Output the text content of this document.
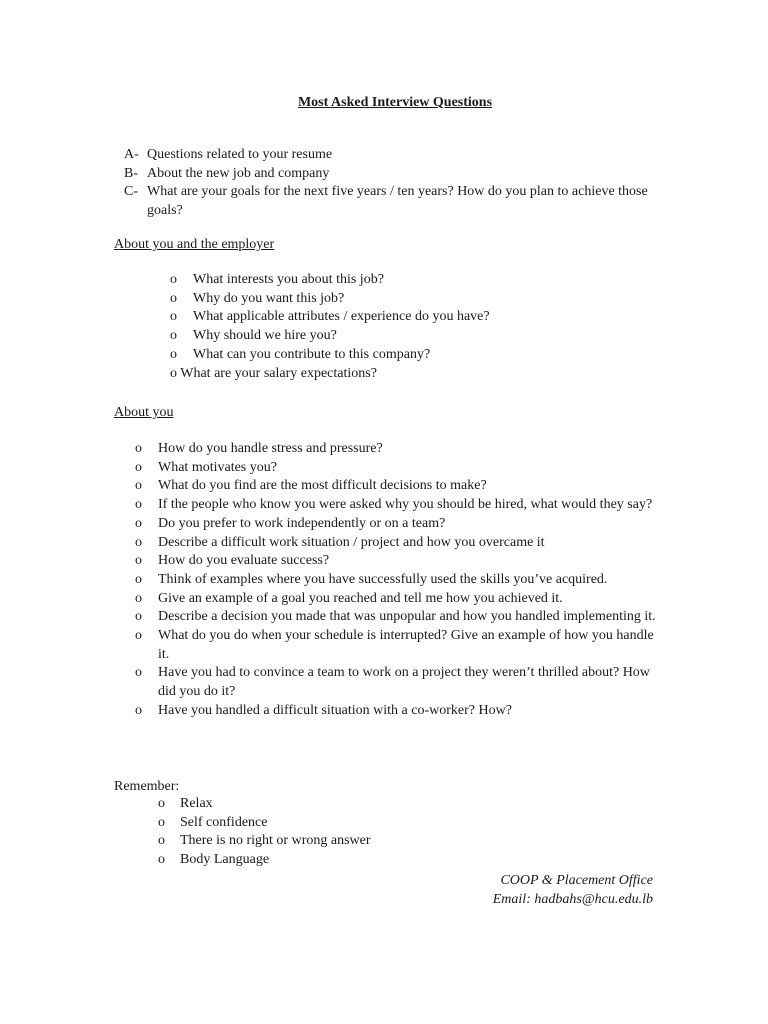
Most Asked Interview Questions
A- Questions related to your resume
B- About the new job and company
C- What are your goals for the next five years / ten years? How do you plan to achieve those goals?
About you and the employer
o What interests you about this job?
o Why do you want this job?
o What applicable attributes / experience do you have?
o Why should we hire you?
o What can you contribute to this company?
o What are your salary expectations?
About you
o How do you handle stress and pressure?
o What motivates you?
o What do you find are the most difficult decisions to make?
o If the people who know you were asked why you should be hired, what would they say?
o Do you prefer to work independently or on a team?
o Describe a difficult work situation / project and how you overcame it
o How do you evaluate success?
o Think of examples where you have successfully used the skills you’ve acquired.
o Give an example of a goal you reached and tell me how you achieved it.
o Describe a decision you made that was unpopular and how you handled implementing it.
o What do you do when your schedule is interrupted? Give an example of how you handle it.
o Have you had to convince a team to work on a project they weren’t thrilled about? How did you do it?
o Have you handled a difficult situation with a co-worker? How?
Remember:
o Relax
o Self confidence
o There is no right or wrong answer
o Body Language
COOP & Placement Office
Email: hadbahs@hcu.edu.lb
